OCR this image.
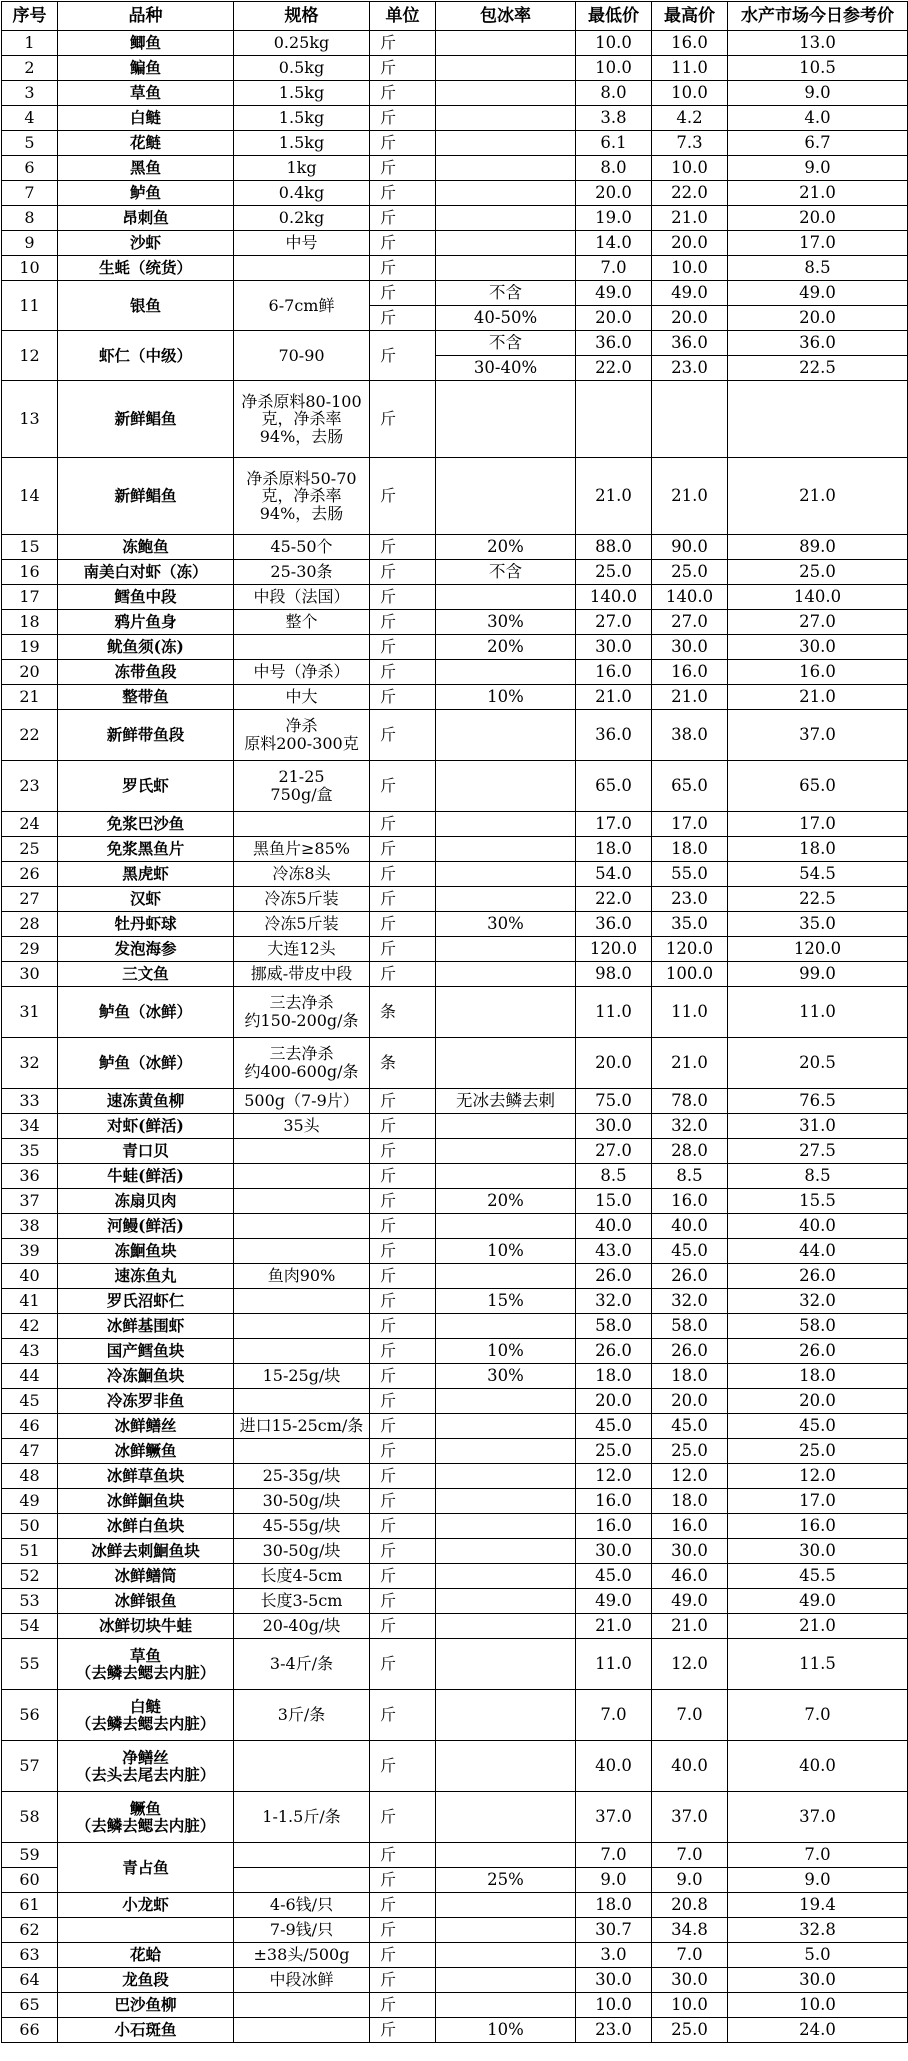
序号	品种	规格	单位	包冰率	最低价	最高价	水产市场今日参考价
1	鲫鱼	0.25kg	斤		10.0	16.0	13.0
2	鳊鱼	0.5kg	斤		10.0	11.0	10.5
3	草鱼	1.5kg	斤		8.0	10.0	9.0
4	白鲢	1.5kg	斤		3.8	4.2	4.0
5	花鲢	1.5kg	斤		6.1	7.3	6.7
6	黑鱼	1kg	斤		8.0	10.0	9.0
7	鲈鱼	0.4kg	斤		20.0	22.0	21.0
8	昂刺鱼	0.2kg	斤		19.0	21.0	20.0
9	沙虾	中号	斤		14.0	20.0	17.0
10	生蚝（统货）		斤		7.0	10.0	8.5
11	银鱼	6-7cm鲜	斤	不含	49.0	49.0	49.0
			斤	40-50%	20.0	20.0	20.0
12	虾仁（中级）	70-90	斤	不含	36.0	36.0	36.0
				30-40%	22.0	23.0	22.5
13	新鲜鲳鱼	净杀原料80-100
克，净杀率
94%，去肠	斤				
14	新鲜鲳鱼	净杀原料50-70
克，净杀率
94%，去肠	斤		21.0	21.0	21.0
15	冻鲍鱼	45-50个	斤	20%	88.0	90.0	89.0
16	南美白对虾（冻）	25-30条	斤	不含	25.0	25.0	25.0
17	鳕鱼中段	中段（法国）	斤		140.0	140.0	140.0
18	鸦片鱼身	整个	斤	30%	27.0	27.0	27.0
19	鱿鱼须(冻)		斤	20%	30.0	30.0	30.0
20	冻带鱼段	中号（净杀）	斤		16.0	16.0	16.0
21	整带鱼	中大	斤	10%	21.0	21.0	21.0
22	新鲜带鱼段	净杀
原料200-300克	斤		36.0	38.0	37.0
23	罗氏虾	21-25
750g/盒	斤		65.0	65.0	65.0
24	免浆巴沙鱼		斤		17.0	17.0	17.0
25	免浆黑鱼片	黑鱼片≥85%	斤		18.0	18.0	18.0
26	黑虎虾	冷冻8头	斤		54.0	55.0	54.5
27	汉虾	冷冻5斤装	斤		22.0	23.0	22.5
28	牡丹虾球	冷冻5斤装	斤	30%	36.0	35.0	35.0
29	发泡海参	大连12头	斤		120.0	120.0	120.0
30	三文鱼	挪威-带皮中段	斤		98.0	100.0	99.0
31	鲈鱼（冰鲜）	三去净杀
约150-200g/条	条		11.0	11.0	11.0
32	鲈鱼（冰鲜）	三去净杀
约400-600g/条	条		20.0	21.0	20.5
33	速冻黄鱼柳	500g（7-9片）	斤	无冰去鳞去刺	75.0	78.0	76.5
34	对虾(鲜活)	35头	斤		30.0	32.0	31.0
35	青口贝		斤		27.0	28.0	27.5
36	牛蛙(鲜活)		斤		8.5	8.5	8.5
37	冻扇贝肉		斤	20%	15.0	16.0	15.5
38	河鳗(鲜活)		斤		40.0	40.0	40.0
39	冻鮰鱼块		斤	10%	43.0	45.0	44.0
40	速冻鱼丸	鱼肉90%	斤		26.0	26.0	26.0
41	罗氏沼虾仁		斤	15%	32.0	32.0	32.0
42	冰鲜基围虾		斤		58.0	58.0	58.0
43	国产鳕鱼块		斤	10%	26.0	26.0	26.0
44	冷冻鮰鱼块	15-25g/块	斤	30%	18.0	18.0	18.0
45	冷冻罗非鱼		斤		20.0	20.0	20.0
46	冰鲜鳝丝	进口15-25cm/条	斤		45.0	45.0	45.0
47	冰鲜鳜鱼		斤		25.0	25.0	25.0
48	冰鲜草鱼块	25-35g/块	斤		12.0	12.0	12.0
49	冰鲜鮰鱼块	30-50g/块	斤		16.0	18.0	17.0
50	冰鲜白鱼块	45-55g/块	斤		16.0	16.0	16.0
51	冰鲜去刺鮰鱼块	30-50g/块	斤		30.0	30.0	30.0
52	冰鲜鳝筒	长度4-5cm	斤		45.0	46.0	45.5
53	冰鲜银鱼	长度3-5cm	斤		49.0	49.0	49.0
54	冰鲜切块牛蛙	20-40g/块	斤		21.0	21.0	21.0
55	草鱼
（去鳞去鳃去内脏）	3-4斤/条	斤		11.0	12.0	11.5
56	白鲢
（去鳞去鳃去内脏）	3斤/条	斤		7.0	7.0	7.0
57	净鳝丝
（去头去尾去内脏）		斤		40.0	40.0	40.0
58	鳜鱼
（去鳞去鳃去内脏）	1-1.5斤/条	斤		37.0	37.0	37.0
59	青占鱼		斤		7.0	7.0	7.0
60			斤	25%	9.0	9.0	9.0
61	小龙虾	4-6钱/只	斤		18.0	20.8	19.4
62		7-9钱/只	斤		30.7	34.8	32.8
63	花蛤	±38头/500g	斤		3.0	7.0	5.0
64	龙鱼段	中段冰鲜	斤		30.0	30.0	30.0
65	巴沙鱼柳		斤		10.0	10.0	10.0
66	小石斑鱼		斤	10%	23.0	25.0	24.0
